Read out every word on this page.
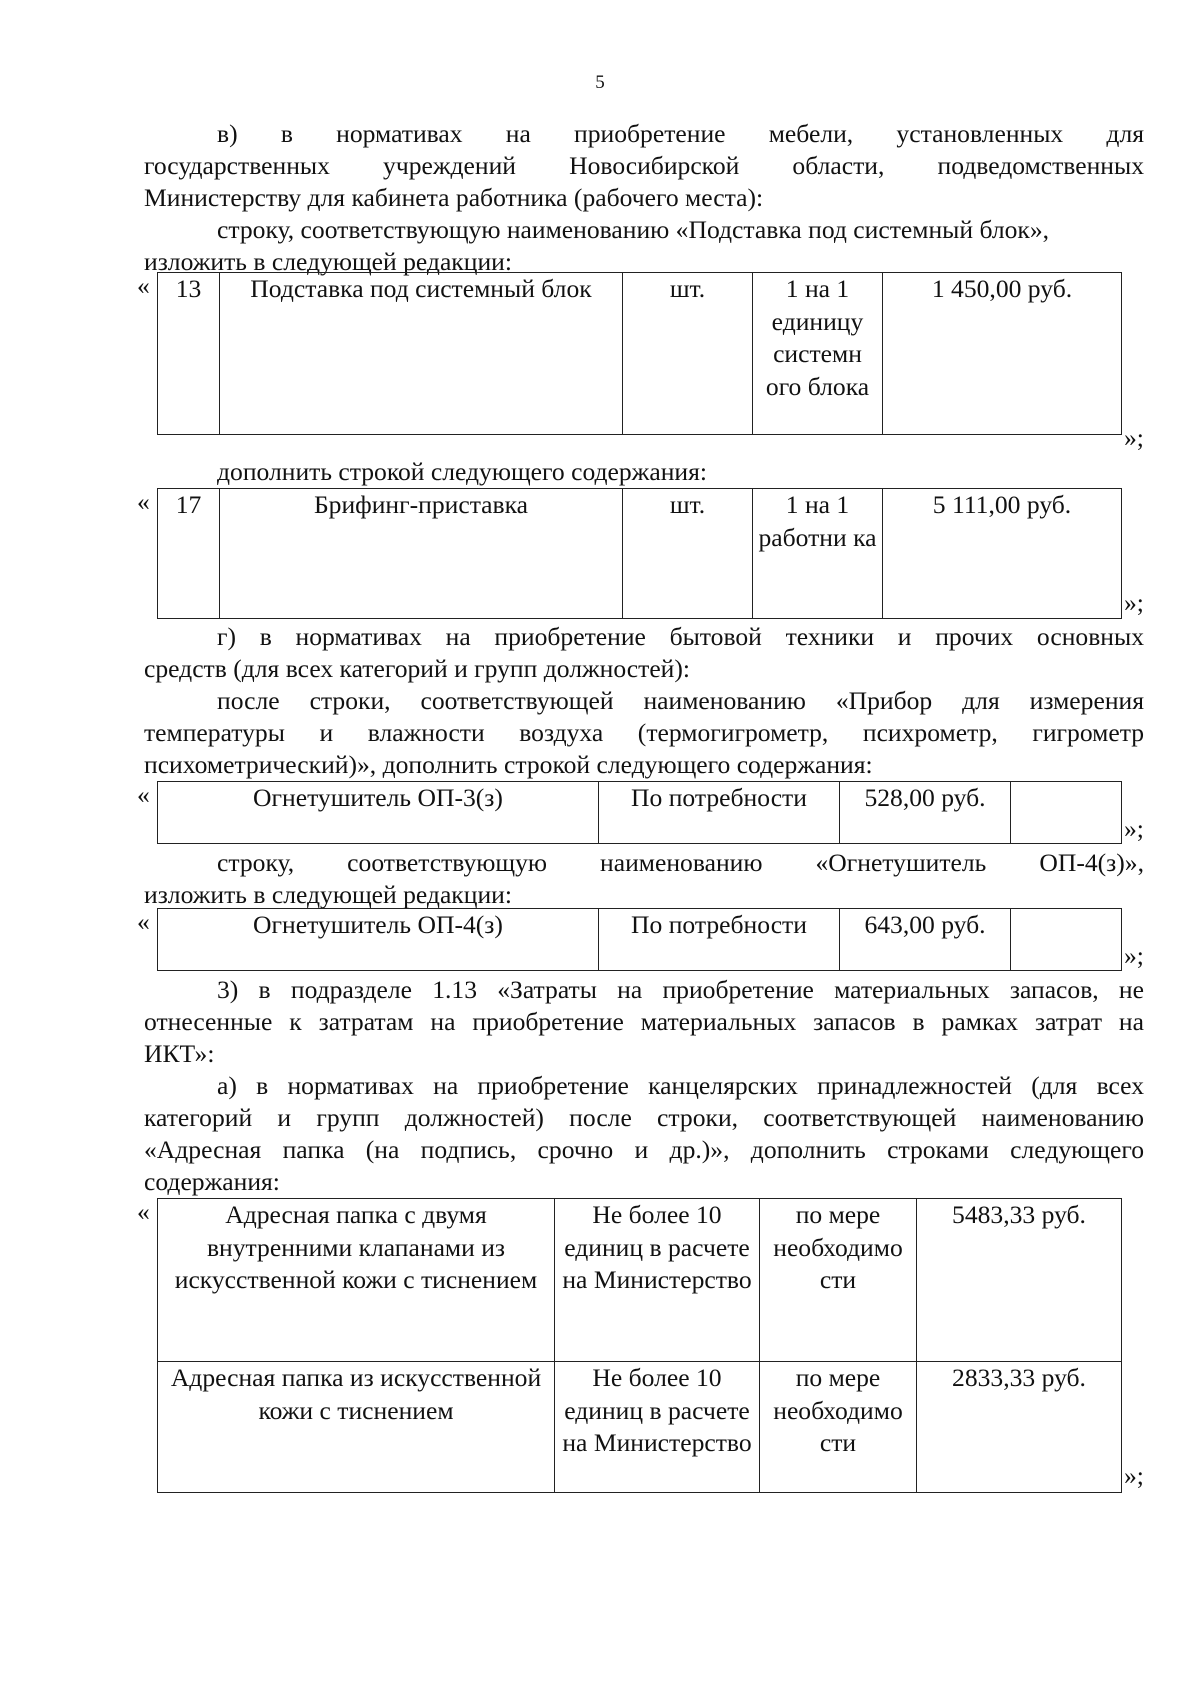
5

в) в нормативах на приобретение мебели, установленных для

государственных учреждений Новосибирской области, подведомственных

Министерству для кабинета работника (рабочего места):

строку, соответствующую наименованию «Подставка под системный блок»,

изложить в следующей редакции:

« 13	Подставка под системный блок	шт.	1 на 1 единицу системн ого блока	1 450,00 руб.
»;

дополнить строкой следующего содержания:

« 17	Брифинг-приставка	шт.	1 на 1 работни ка	5 111,00 руб.
»;

г) в нормативах на приобретение бытовой техники и прочих основных

средств (для всех категорий и групп должностей):

после строки, соответствующей наименованию «Прибор для измерения

температуры и влажности воздуха (термогигрометр, психрометр, гигрометр

психометрический)», дополнить строкой следующего содержания:

«	Огнетушитель ОП-3(з)	По потребности	528,00 руб.	
»;

строку, соответствующую наименованию «Огнетушитель ОП-4(з)»,

изложить в следующей редакции:

«	Огнетушитель ОП-4(з)	По потребности	643,00 руб.	
»;

3) в подразделе 1.13 «Затраты на приобретение материальных запасов, не

отнесенные к затратам на приобретение материальных запасов в рамках затрат на

ИКТ»:

а) в нормативах на приобретение канцелярских принадлежностей (для всех

категорий и групп должностей) после строки, соответствующей наименованию

«Адресная папка (на подпись, срочно и др.)», дополнить строками следующего

содержания:

«	Адресная папка с двумя внутренними клапанами из искусственной кожи с тиснением	Не более 10 единиц в расчете на Министерство	по мере необходимо сти	5483,33 руб.
Адресная папка из искусственной кожи с тиснением	Не более 10 единиц в расчете на Министерство	по мере необходимо сти	2833,33 руб.
»;
